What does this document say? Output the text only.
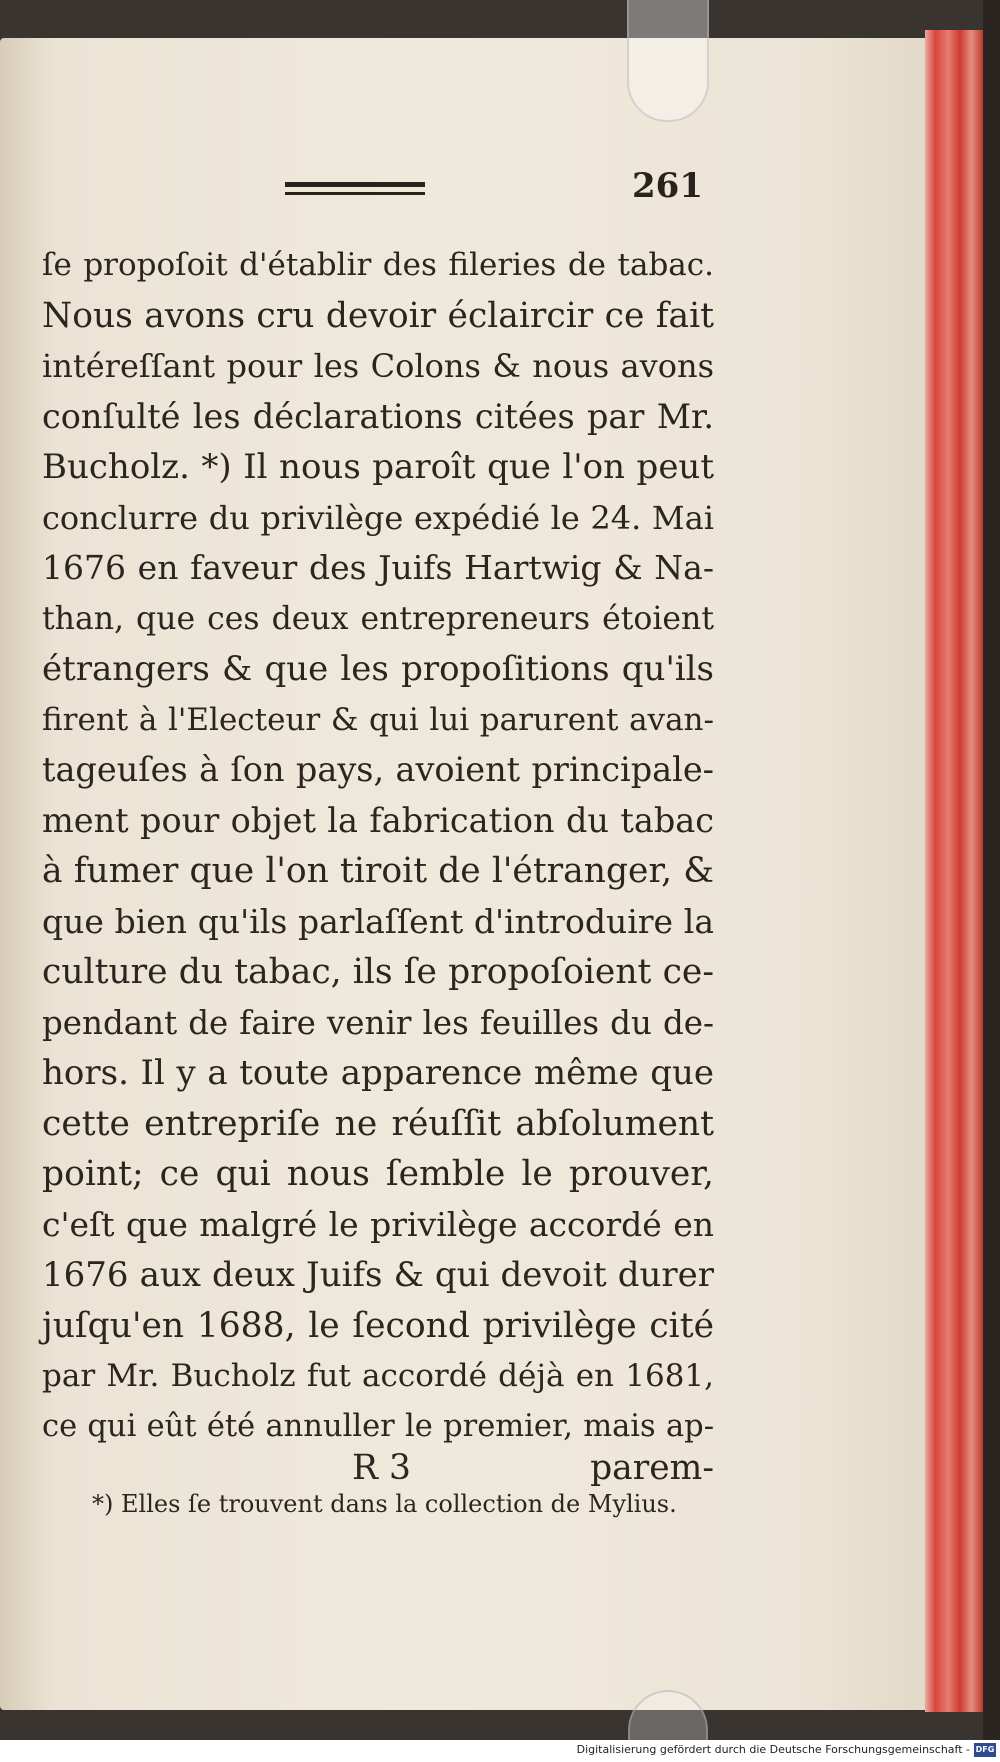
261
ſe propoſoit d'établir des fileries de tabac.
Nous avons cru devoir éclaircir ce fait
intéreſſant pour les Colons & nous avons
conſulté les déclarations citées par Mr.
Bucholz. *) Il nous paroît que l'on peut
conclurre du privilège expédié le 24. Mai
1676 en faveur des Juifs Hartwig & Na-
than, que ces deux entrepreneurs étoient
étrangers & que les propoſitions qu'ils
firent à l'Electeur & qui lui parurent avan-
tageuſes à ſon pays, avoient principale-
ment pour objet la fabrication du tabac
à fumer que l'on tiroit de l'étranger, &
que bien qu'ils parlaſſent d'introduire la
culture du tabac, ils ſe propoſoient ce-
pendant de faire venir les feuilles du de-
hors. Il y a toute apparence même que
cette entrepriſe ne réuſſit abſolument
point; ce qui nous ſemble le prouver,
c'eſt que malgré le privilège accordé en
1676 aux deux Juifs & qui devoit durer
juſqu'en 1688, le ſecond privilège cité
par Mr. Bucholz fut accordé déjà en 1681,
ce qui eût été annuller le premier, mais ap-
R 3	parem-
*) Elles ſe trouvent dans la collection de Mylius.
Digitalisierung gefördert durch die Deutsche Forschungsgemeinschaft - DFG
